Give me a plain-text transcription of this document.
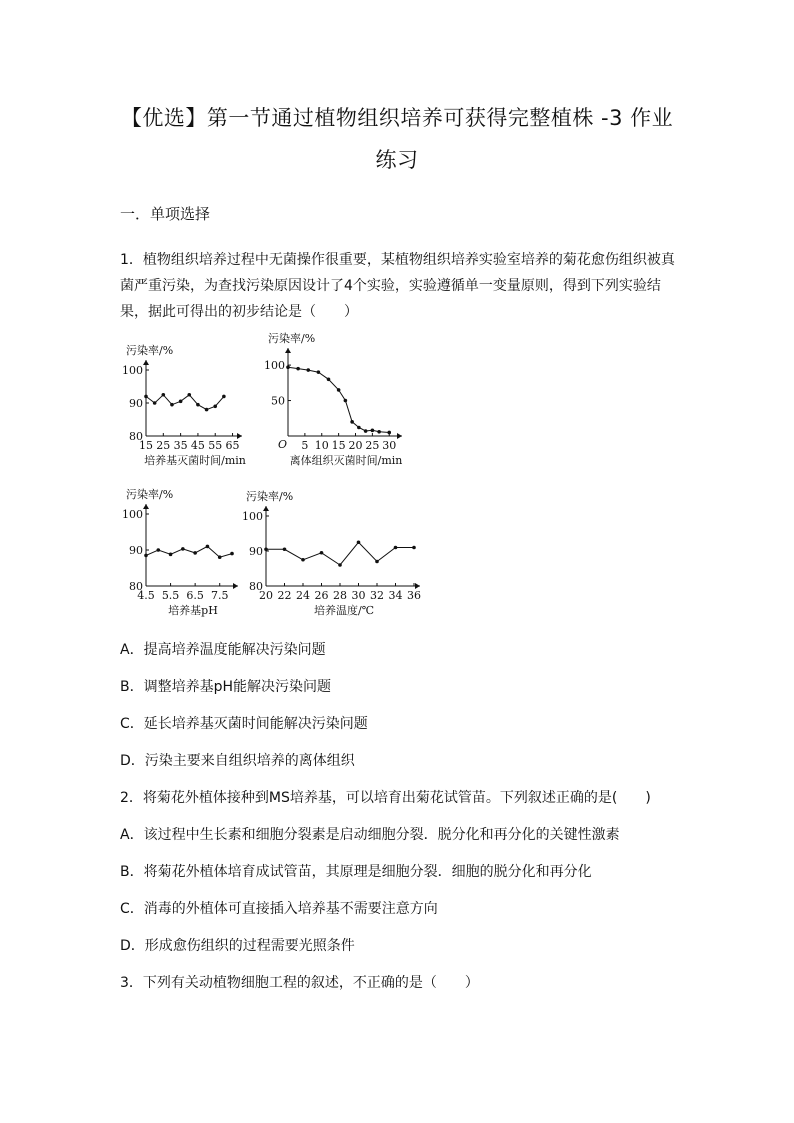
【优选】第一节通过植物组织培养可获得完整植株 -3 作业
练习
一．单项选择
1．植物组织培养过程中无菌操作很重要，某植物组织培养实验室培养的菊花愈伤组织被真菌严重污染，为查找污染原因设计了4个实验，实验遵循单一变量原则，得到下列实验结果，据此可得出的初步结论是（　　）
污染率/%
80
90
100
15 25 35 45 55 65
培养基灭菌时间/min
污染率/%
50
100
5 10 15 20 25 30
O
离体组织灭菌时间/min
污染率/%
80
90
100
4.5 5.5 6.5 7.5
培养基pH
污染率/%
80
90
100
20 22 24 26 28 30 32 34 36
培养温度/℃
A．提高培养温度能解决污染问题
B．调整培养基pH能解决污染问题
C．延长培养基灭菌时间能解决污染问题
D．污染主要来自组织培养的离体组织
2．将菊花外植体接种到MS培养基，可以培育出菊花试管苗。下列叙述正确的是(　　)
A．该过程中生长素和细胞分裂素是启动细胞分裂．脱分化和再分化的关键性激素
B．将菊花外植体培育成试管苗，其原理是细胞分裂．细胞的脱分化和再分化
C．消毒的外植体可直接插入培养基不需要注意方向
D．形成愈伤组织的过程需要光照条件
3．下列有关动植物细胞工程的叙述，不正确的是（　　）
